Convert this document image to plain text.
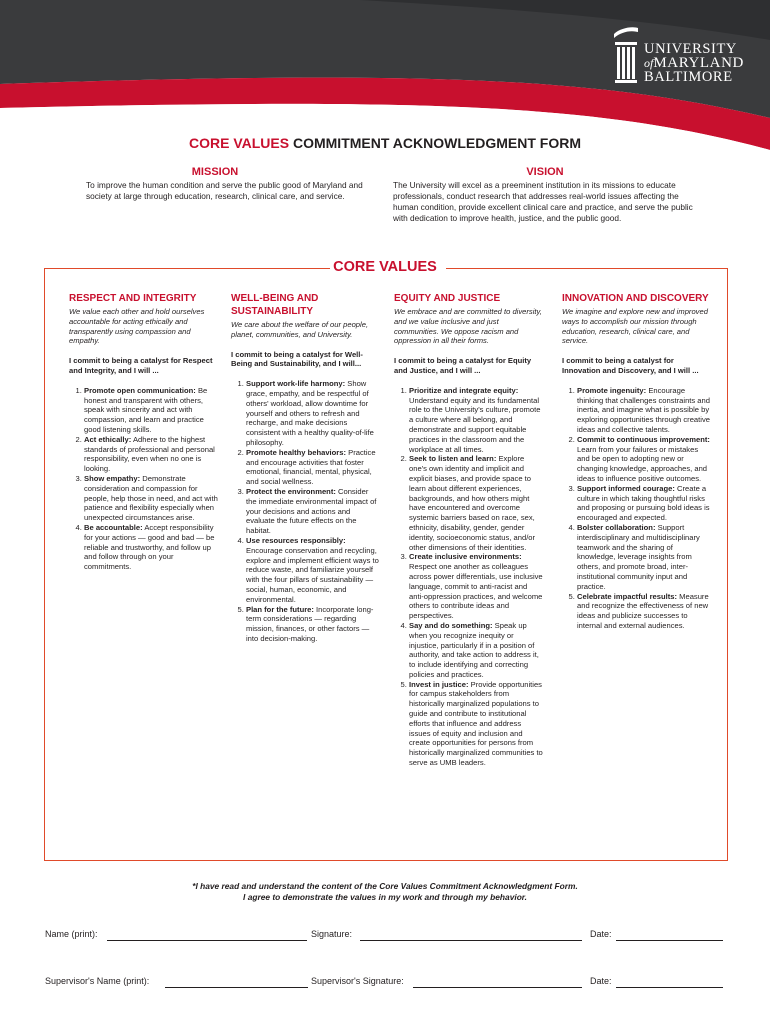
UNIVERSITY
ofMARYLAND
BALTIMORE
CORE VALUES COMMITMENT ACKNOWLEDGMENT FORM
MISSION
To improve the human condition and serve the public good of Maryland and society at large through education, research, clinical care, and service.
VISION
The University will excel as a preeminent institution in its missions to educate professionals, conduct research that addresses real-world issues affecting the human condition, provide excellent clinical care and practice, and serve the public with dedication to improve health, justice, and the public good.
CORE VALUES
RESPECT AND INTEGRITY
We value each other and hold ourselves accountable for acting ethically and transparently using compassion and empathy.
I commit to being a catalyst for Respect and Integrity, and I will ...
1. Promote open communication: Be honest and transparent with others, speak with sincerity and act with compassion, and learn and practice good listening skills.
2. Act ethically: Adhere to the highest standards of professional and personal responsibility, even when no one is looking.
3. Show empathy: Demonstrate consideration and compassion for people, help those in need, and act with patience and flexibility especially when unexpected circumstances arise.
4. Be accountable: Accept responsibility for your actions — good and bad — be reliable and trustworthy, and follow up and follow through on your commitments.
WELL-BEING AND SUSTAINABILITY
We care about the welfare of our people, planet, communities, and University.
I commit to being a catalyst for Well-Being and Sustainability, and I will...
1. Support work-life harmony: Show grace, empathy, and be respectful of others' workload, allow downtime for yourself and others to refresh and recharge, and make decisions consistent with a healthy quality-of-life philosophy.
2. Promote healthy behaviors: Practice and encourage activities that foster emotional, financial, mental, physical, and social wellness.
3. Protect the environment: Consider the immediate environmental impact of your decisions and actions and evaluate the future effects on the habitat.
4. Use resources responsibly: Encourage conservation and recycling, explore and implement efficient ways to reduce waste, and familiarize yourself with the four pillars of sustainability — social, human, economic, and environmental.
5. Plan for the future: Incorporate long-term considerations — regarding mission, finances, or other factors — into decision-making.
EQUITY AND JUSTICE
We embrace and are committed to diversity, and we value inclusive and just communities. We oppose racism and oppression in all their forms.
I commit to being a catalyst for Equity and Justice, and I will ...
1. Prioritize and integrate equity: Understand equity and its fundamental role to the University's culture, promote a culture where all belong, and demonstrate and support equitable practices in the classroom and the workplace at all times.
2. Seek to listen and learn: Explore one's own identity and implicit and explicit biases, and provide space to learn about different experiences, backgrounds, and how others might have encountered and overcome systemic barriers based on race, sex, ethnicity, disability, gender, gender identity, socioeconomic status, and/or other dimensions of their identities.
3. Create inclusive environments: Respect one another as colleagues across power differentials, use inclusive language, commit to anti-racist and anti-oppression practices, and welcome others to contribute ideas and perspectives.
4. Say and do something: Speak up when you recognize inequity or injustice, particularly if in a position of authority, and take action to address it, to include identifying and correcting policies and practices.
5. Invest in justice: Provide opportunities for campus stakeholders from historically marginalized populations to guide and contribute to institutional efforts that influence and address issues of equity and inclusion and create opportunities for persons from historically marginalized communities to serve as UMB leaders.
INNOVATION AND DISCOVERY
We imagine and explore new and improved ways to accomplish our mission through education, research, clinical care, and service.
I commit to being a catalyst for Innovation and Discovery, and I will ...
1. Promote ingenuity: Encourage thinking that challenges constraints and inertia, and imagine what is possible by exploring opportunities through creative ideas and collective talents.
2. Commit to continuous improvement: Learn from your failures or mistakes and be open to adopting new or changing knowledge, approaches, and ideas to influence positive outcomes.
3. Support informed courage: Create a culture in which taking thoughtful risks and proposing or pursuing bold ideas is encouraged and expected.
4. Bolster collaboration: Support interdisciplinary and multidisciplinary teamwork and the sharing of knowledge, leverage insights from others, and promote broad, inter-institutional community input and practice.
5. Celebrate impactful results: Measure and recognize the effectiveness of new ideas and publicize successes to internal and external audiences.
*I have read and understand the content of the Core Values Commitment Acknowledgment Form.
I agree to demonstrate the values in my work and through my behavior.
Name (print):	Signature:	Date:
Supervisor's Name (print):	Supervisor's Signature:	Date:
